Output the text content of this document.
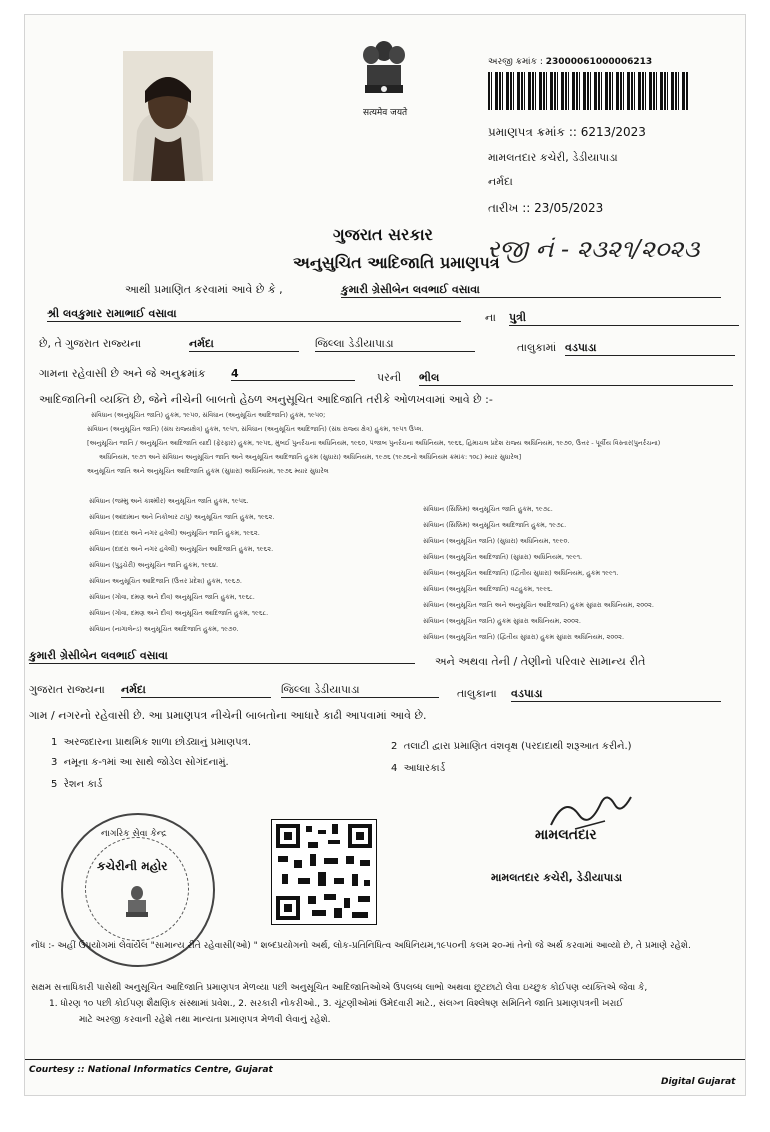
सत्यमेव जयते
અરજી ક્રમાંક : 23000061000006213
પ્રમાણપત્ર ક્રમાંક :: 6213/2023
મામલતદાર કચેરી, ડેડીયાપાડા
નર્મદા
તારીખ :: 23/05/2023
રજી નં - ૨૩૨૧/૨૦૨૩
ગુજરાત સરકાર
અનુસુચિત આદિજાતિ પ્રમાણપત્ર
આથી પ્રમાણિત કરવામાં આવે છે કે ,	કુમારી ગ્રેસીબેન લવભાઈ વસાવા
શ્રી લવકુમાર રામાભાઈ વસાવા	ના પુત્રી
છે, તે ગુજરાત રાજ્યના	નર્મદા	જિલ્લા ડેડીયાપાડા	તાલુકામાં વડપાડા
ગામના રહેવાસી છે અને જે અનુક્રમાંક 4	પરની ભીલ
આદિજાતિની વ્યક્તિ છે, જેને નીચેની બાબતો હેઠળ અનુસૂચિત આદિજાતિ તરીકે ઓળખવામાં આવે છે :-
સંવિધાન (અનુસૂચિત જાતિ) હુકમ, ૧૯૫૦, સંવિધાન (અનુસૂચિત આદિજાતિ) હુકમ, ૧૯૫૦;
સંવિધાન (અનુસૂચિત જાતિ) (સંઘ રાજ્યક્ષેત્ર) હુકમ, ૧૯૫૧, સંવિધાન (અનુસૂચિત આદિજાતિ) (સંઘ રાજ્ય ક્ષેત્ર) હુકમ, ૧૯૫૧ ઉપ્લ.
[અનુસૂચિત જાતિ / અનુસૂચિત આદિજાતિ યાદી (ફેરફાર) હુકમ, ૧૯૫૬, મુંબઈ પુનર્રચના અધિનિયમ, ૧૯૬૦, પંજાબ પુનર્રચના અધિનિયમ, ૧૯૬૬, હિમાચલ પ્રદેશ રાજ્ય અધિનિયમ, ૧૯૭૦, ઉત્તર - પૂર્વીય વિસ્તાર(પુનર્રચના)
અધિનિયમ, ૧૯૭૧ અને સંવિધાન અનુસૂચિત જાતિ અને અનુસૂચિત આદિજાતિ હુકમ (સુધારા) અધિનિયમ, ૧૯૭૬ (૧૯૭૬નો અધિનિયમ ક્રમાંક: ૧૦૮) મ્યાર સુધારેલ]
અનુસૂચિત જાતિ અને અનુસૂચિત આદિજાતિ હુકમ (સુધારા) અધિનિયમ, ૧૯૭૬ મ્યાર સુધારેલ
સંવિધાન (જમ્મુ અને કાશ્મીર) અનુસૂચિત જાતિ હુકમ, ૧૯૫૬.
સંવિધાન (આંદામાન અને નિકોબાર ટાપુ) અનુસૂચિત જાતિ હુકમ, ૧૯૬૨.
સંવિધાન (દાદરા અને નગર હવેલી) અનુસૂચિત જાતિ હુકમ, ૧૯૬૨.
સંવિધાન (દાદરા અને નગર હવેલી) અનુસૂચિત આદિજાતિ હુકમ, ૧૯૬૨.
સંવિધાન (પુડુચેરી) અનુસૂચિત જાતિ હુકમ, ૧૯૬૪.
સંવિધાન અનુસૂચિત આદિજાતિ (ઉત્તર પ્રદેશ) હુકમ, ૧૯૬૭.
સંવિધાન (ગોવા, દમણ અને દીવ) અનુસૂચિત જાતિ હુકમ, ૧૯૬૮.
સંવિધાન (ગોવા, દમણ અને દીવ) અનુસૂચિત આદિજાતિ હુકમ, ૧૯૬૮.
સંવિધાન (નાગાલેન્ડ) અનુસૂચિત આદિજાતિ હુકમ, ૧૯૭૦.
સંવિધાન (સિક્કિમ) અનુસૂચિત જાતિ હુકમ, ૧૯૭૮.
સંવિધાન (સિક્કિમ) અનુસૂચિત આદિજાતિ હુકમ, ૧૯૭૮.
સંવિધાન (અનુસૂચિત જાતિ) (સુધારા) અધિનિયમ, ૧૯૯૦.
સંવિધાન (અનુસૂચિત આદિજાતિ) (સુધારા) અધિનિયમ, ૧૯૯૧.
સંવિધાન (અનુસૂચિત આદિજાતિ) (દ્વિતીય સુધારા) અધિનિયમ, હુકમ ૧૯૯૧.
સંવિધાન (અનુસૂચિત આદિજાતિ) વટહુકમ, ૧૯૯૬.
સંવિધાન (અનુસૂચિત જાતિ અને અનુસૂચિત આદિજાતિ) હુકમ સુધારા અધિનિયમ, ૨૦૦૨.
સંવિધાન (અનુસૂચિત જાતિ) હુકમ સુધારા અધિનિયમ, ૨૦૦૨.
સંવિધાન (અનુસૂચિત જાતિ) (દ્વિતીય સુધારા) હુકમ સુધારા અધિનિયમ, ૨૦૦૨.
કુમારી ગ્રેસીબેન લવભાઈ વસાવા	અને અથવા તેની / તેણીનો પરિવાર સામાન્ય રીતે
ગુજરાત રાજ્યના નર્મદા	જિલ્લા ડેડીયાપાડા	તાલુકાના વડપાડા
ગામ / નગરનો રહેવાસી છે. આ પ્રમાણપત્ર નીચેની બાબતોના આધારે કાઢી આપવામાં આવે છે.
1 અરજદારના પ્રાથમિક શાળા છોડ્યાનું પ્રમાણપત્ર.	2 તલાટી દ્વારા પ્રમાણિત વંશવૃક્ષ (પરદાદાથી શરૂઆત કરીને.)
3 નમૂના ક-૧માં આ સાથે જોડેલ સોગંદનામું.
4 આધારકાર્ડ
5 રેશન કાર્ડ
નાગરિક સેવા કેન્દ્ર
કચેરીની મહોર
મામલતદાર
મામલતદાર કચેરી, ડેડીયાપાડા
નોંધ :- અહીં ઉપયોગમાં લેવાયેલ "સામાન્ય રીતે રહેવાસી(ઓ) " શબ્દપ્રયોગનો અર્થ, લોક-પ્રતિનિધિત્વ અધિનિયમ,૧૯૫૦ની કલમ ૨૦-માં તેનો જે અર્થ કરવામાં આવ્યો છે, તે પ્રમાણે રહેશે.
સક્ષમ સત્તાધિકારી પાસેથી અનુસૂચિત આદિજાતિ પ્રમાણપત્ર મેળવ્યા પછી અનુસૂચિત આદિજાતિઓએ ઉપલબ્ધ લાભો અથવા છૂટછાટો લેવા ઇચ્છુક કોઈપણ વ્યક્તિએ જેવા કે,
1. ધોરણ ૧૦ પછી કોઈપણ શૈક્ષણિક સંસ્થામાં પ્રવેશ., 2. સરકારી નોકરીઓ., 3. ચૂંટણીઓમાં ઉમેદવારી માટે., સંલગ્ન વિશ્લેષણ સમિતિને જાતિ પ્રમાણપત્રની ખરાઈ
માટે અરજી કરવાની રહેશે તથા માન્યતા પ્રમાણપત્ર મેળવી લેવાનું રહેશે.
Courtesy :: National Informatics Centre, Gujarat
Digital Gujarat
